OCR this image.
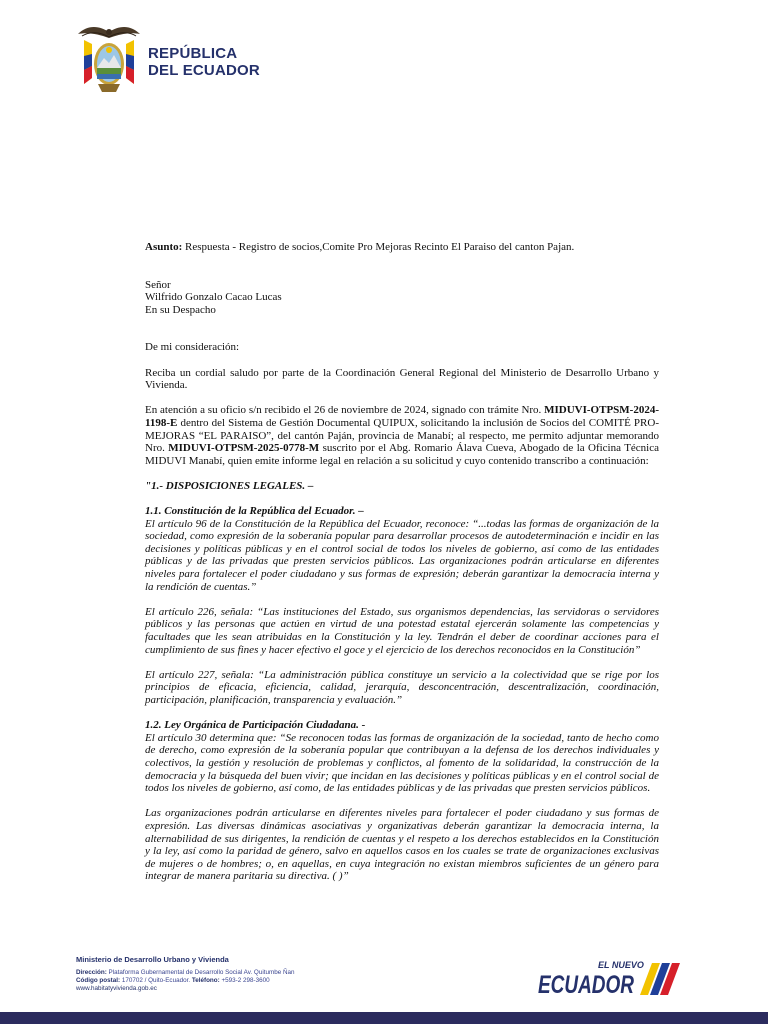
REPÚBLICA
DEL ECUADOR

Asunto: Respuesta - Registro de socios,Comite Pro Mejoras Recinto El Paraiso del canton Pajan.

Señor
Wilfrido Gonzalo Cacao Lucas
En su Despacho

De mi consideración:

Reciba un cordial saludo por parte de la Coordinación General Regional del Ministerio de Desarrollo Urbano y Vivienda.

En atención a su oficio s/n recibido el 26 de noviembre de 2024, signado con trámite Nro. MIDUVI-OTPSM-2024-1198-E dentro del Sistema de Gestión Documental QUIPUX, solicitando la inclusión de Socios del COMITÉ PRO-MEJORAS “EL PARAISO”, del cantón Paján, provincia de Manabí; al respecto, me permito adjuntar memorando Nro. MIDUVI-OTPSM-2025-0778-M suscrito por el Abg. Romario Álava Cueva, Abogado de la Oficina Técnica MIDUVI Manabí, quien emite informe legal en relación a su solicitud y cuyo contenido transcribo a continuación:

"1.- DISPOSICIONES LEGALES. –

1.1. Constitución de la República del Ecuador. –

El artículo 96 de la Constitución de la República del Ecuador, reconoce: “...todas las formas de organización de la sociedad, como expresión de la soberanía popular para desarrollar procesos de autodeterminación e incidir en las decisiones y políticas públicas y en el control social de todos los niveles de gobierno, así como de las entidades públicas y de las privadas que presten servicios públicos. Las organizaciones podrán articularse en diferentes niveles para fortalecer el poder ciudadano y sus formas de expresión; deberán garantizar la democracia interna y la rendición de cuentas.”

El artículo 226, señala: “Las instituciones del Estado, sus organismos dependencias, las servidoras o servidores públicos y las personas que actúen en virtud de una potestad estatal ejercerán solamente las competencias y facultades que les sean atribuidas en la Constitución y la ley. Tendrán el deber de coordinar acciones para el cumplimiento de sus fines y hacer efectivo el goce y el ejercicio de los derechos reconocidos en la Constitución”

El artículo 227, señala: “La administración pública constituye un servicio a la colectividad que se rige por los principios de eficacia, eficiencia, calidad, jerarquía, desconcentración, descentralización, coordinación, participación, planificación, transparencia y evaluación.”

1.2. Ley Orgánica de Participación Ciudadana. -

El artículo 30 determina que: “Se reconocen todas las formas de organización de la sociedad, tanto de hecho como de derecho, como expresión de la soberanía popular que contribuyan a la defensa de los derechos individuales y colectivos, la gestión y resolución de problemas y conflictos, al fomento de la solidaridad, la construcción de la democracia y la búsqueda del buen vivir; que incidan en las decisiones y políticas públicas y en el control social de todos los niveles de gobierno, así como, de las entidades públicas y de las privadas que presten servicios públicos.

Las organizaciones podrán articularse en diferentes niveles para fortalecer el poder ciudadano y sus formas de expresión. Las diversas dinámicas asociativas y organizativas deberán garantizar la democracia interna, la alternabilidad de sus dirigentes, la rendición de cuentas y el respeto a los derechos establecidos en la Constitución y la ley, así como la paridad de género, salvo en aquellos casos en los cuales se trate de organizaciones exclusivas de mujeres o de hombres; o, en aquellas, en cuya integración no existan miembros suficientes de un género para integrar de manera paritaria su directiva. ( )”

Ministerio de Desarrollo Urbano y Vivienda
Dirección: Plataforma Gubernamental de Desarrollo Social Av. Quitumbe Ñan
Código postal: 170702 / Quito-Ecuador. Teléfono: +593-2 298-3600
www.habitatyvivienda.gob.ec
EL NUEVO
ECUADOR
